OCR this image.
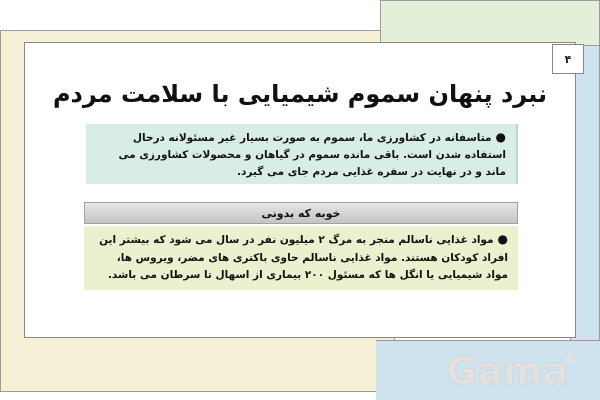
۴
نبرد پنهان سموم شیمیایی با سلامت مردم
●متاسفانه در کشاورزی ما، سموم به صورت بسیار غیر مسئولانه درحال استفاده شدن است. باقی مانده سموم در گیاهان و محصولات کشاورزی می ماند و در نهایت در سفره غذایی مردم جای می گیرد.
خوبه که بدونی
●مواد غذایی ناسالم منجر به مرگ ۲ میلیون نفر در سال می شود که بیشتر این افراد کودکان هستند. مواد غذایی ناسالم حاوی باکتری های مضر، ویروس ها، مواد شیمیایی یا انگل ها که مسئول ۲۰۰ بیماری از اسهال تا سرطان می باشد.
Gama
